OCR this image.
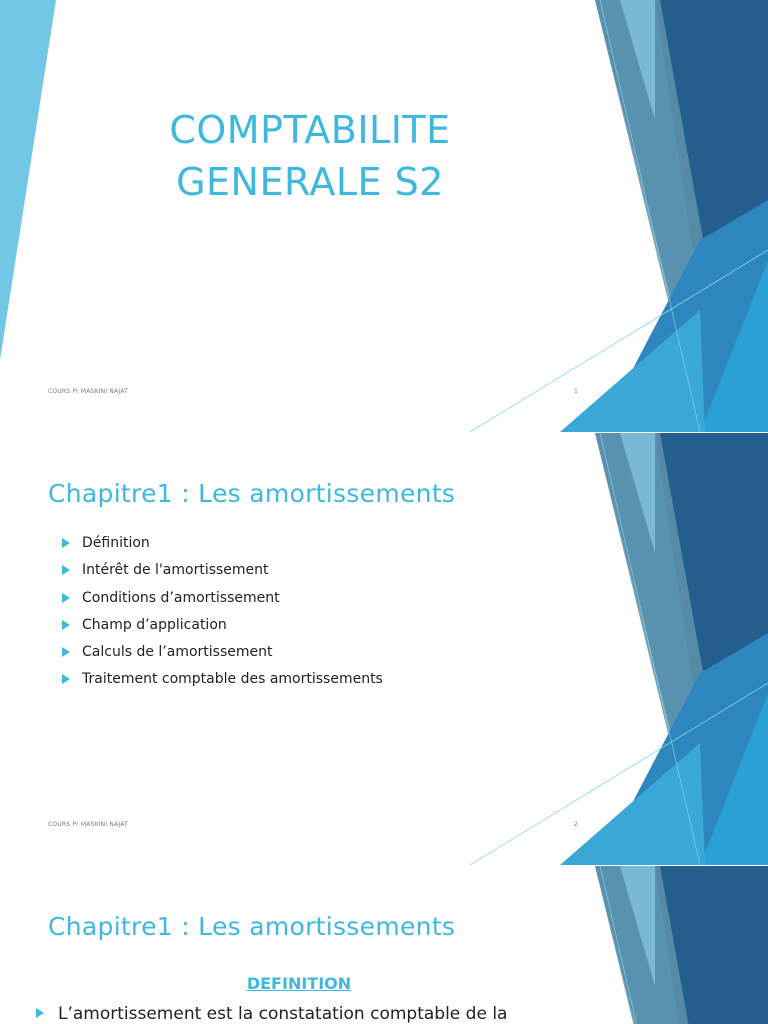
COMPTABILITE
GENERALE S2
COURS Pr MASKINI NAJAT	1
Chapitre1 : Les amortissements
Définition
Intérêt de l'amortissement
Conditions d’amortissement
Champ d’application
Calculs de l’amortissement
Traitement comptable des amortissements
COURS Pr MASKINI NAJAT	2
Chapitre1 : Les amortissements
DEFINITION
L’amortissement est la constatation comptable de la
